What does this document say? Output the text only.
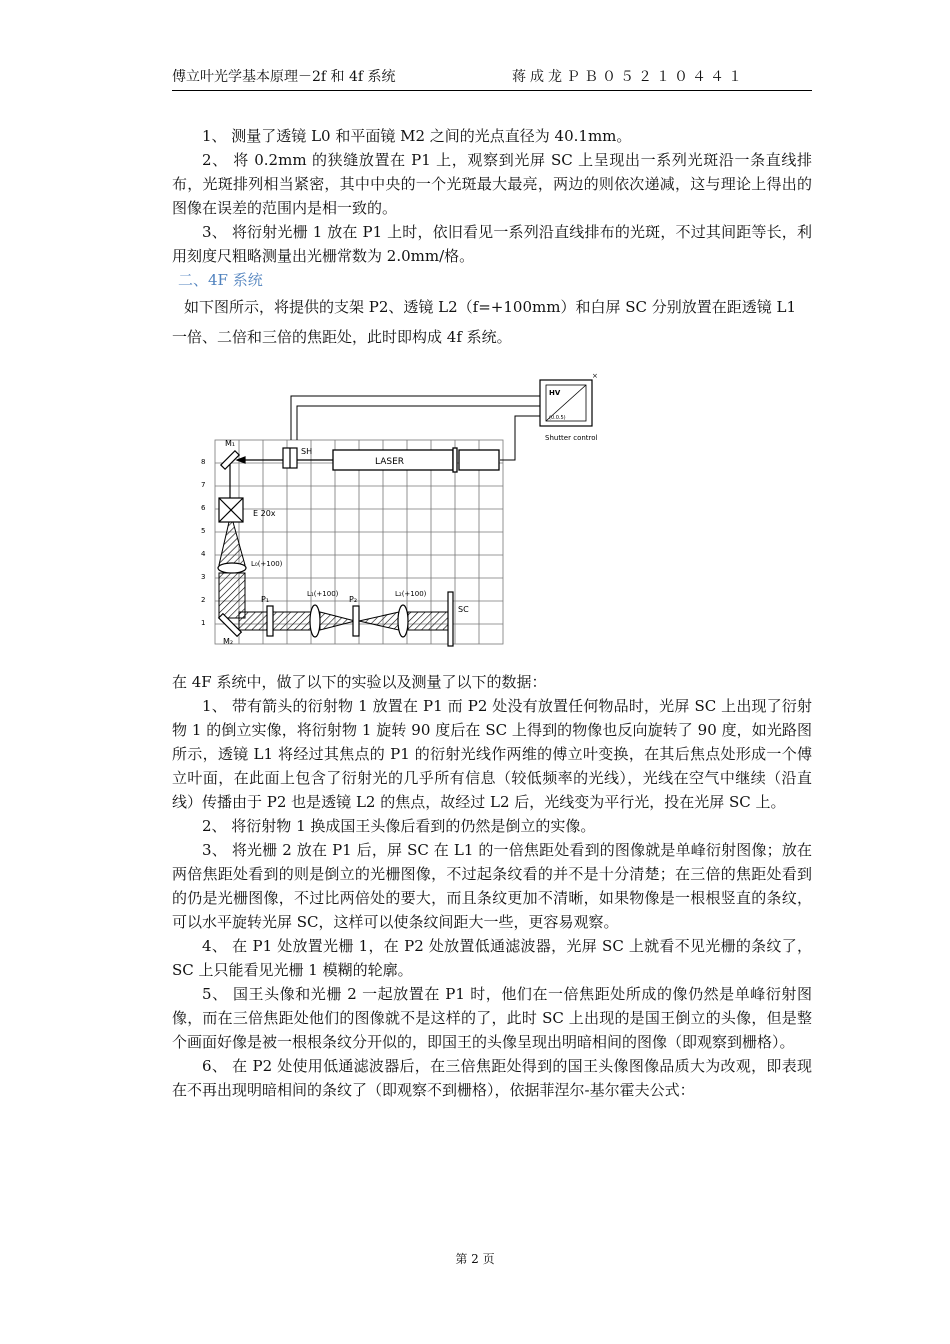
傅立叶光学基本原理－2f 和 4f 系统	蒋成龙ＰＢ０５２１０４４１

1、 测量了透镜 L0 和平面镜 M2 之间的光点直径为 40.1mm。

2、 将 0.2mm 的狭缝放置在 P1 上，观察到光屏 SC 上呈现出一系列光斑沿一条直线排布，光斑排列相当紧密，其中中央的一个光斑最大最亮，两边的则依次递减，这与理论上得出的图像在误差的范围内是相一致的。

3、 将衍射光栅 1 放在 P1 上时，依旧看见一系列沿直线排布的光斑，不过其间距等长，利用刻度尺粗略测量出光栅常数为 2.0mm/格。

二、4F 系统

如下图所示，将提供的支架 P2、透镜 L2（f=+100mm）和白屏 SC 分别放置在距透镜 L1 一倍、二倍和三倍的焦距处，此时即构成 4f 系统。

8
7
6
5
4
3
2
1
HV
(0.0.5)
×
Shutter control
LASER
SH
M₁
E 20x
L₀(+100)
M₂
P₁
L₁(+100)
P₂
L₂(+100)
SC

在 4F 系统中，做了以下的实验以及测量了以下的数据：

1、 带有箭头的衍射物 1 放置在 P1 而 P2 处没有放置任何物品时，光屏 SC 上出现了衍射物 1 的倒立实像，将衍射物 1 旋转 90 度后在 SC 上得到的物像也反向旋转了 90 度，如光路图所示，透镜 L1 将经过其焦点的 P1 的衍射光线作两维的傅立叶变换，在其后焦点处形成一个傅立叶面，在此面上包含了衍射光的几乎所有信息（较低频率的光线），光线在空气中继续（沿直线）传播由于 P2 也是透镜 L2 的焦点，故经过 L2 后，光线变为平行光，投在光屏 SC 上。

2、 将衍射物 1 换成国王头像后看到的仍然是倒立的实像。

3、 将光栅 2 放在 P1 后，屏 SC 在 L1 的一倍焦距处看到的图像就是单峰衍射图像；放在两倍焦距处看到的则是倒立的光栅图像，不过起条纹看的并不是十分清楚；在三倍的焦距处看到的仍是光栅图像，不过比两倍处的要大，而且条纹更加不清晰，如果物像是一根根竖直的条纹，可以水平旋转光屏 SC，这样可以使条纹间距大一些，更容易观察。

4、 在 P1 处放置光栅 1，在 P2 处放置低通滤波器，光屏 SC 上就看不见光栅的条纹了，SC 上只能看见光栅 1 模糊的轮廓。

5、 国王头像和光栅 2 一起放置在 P1 时，他们在一倍焦距处所成的像仍然是单峰衍射图像，而在三倍焦距处他们的图像就不是这样的了，此时 SC 上出现的是国王倒立的头像，但是整个画面好像是被一根根条纹分开似的，即国王的头像呈现出明暗相间的图像（即观察到栅格）。

6、 在 P2 处使用低通滤波器后，在三倍焦距处得到的国王头像图像品质大为改观，即表现在不再出现明暗相间的条纹了（即观察不到栅格），依据菲涅尔-基尔霍夫公式：

第 2 页
